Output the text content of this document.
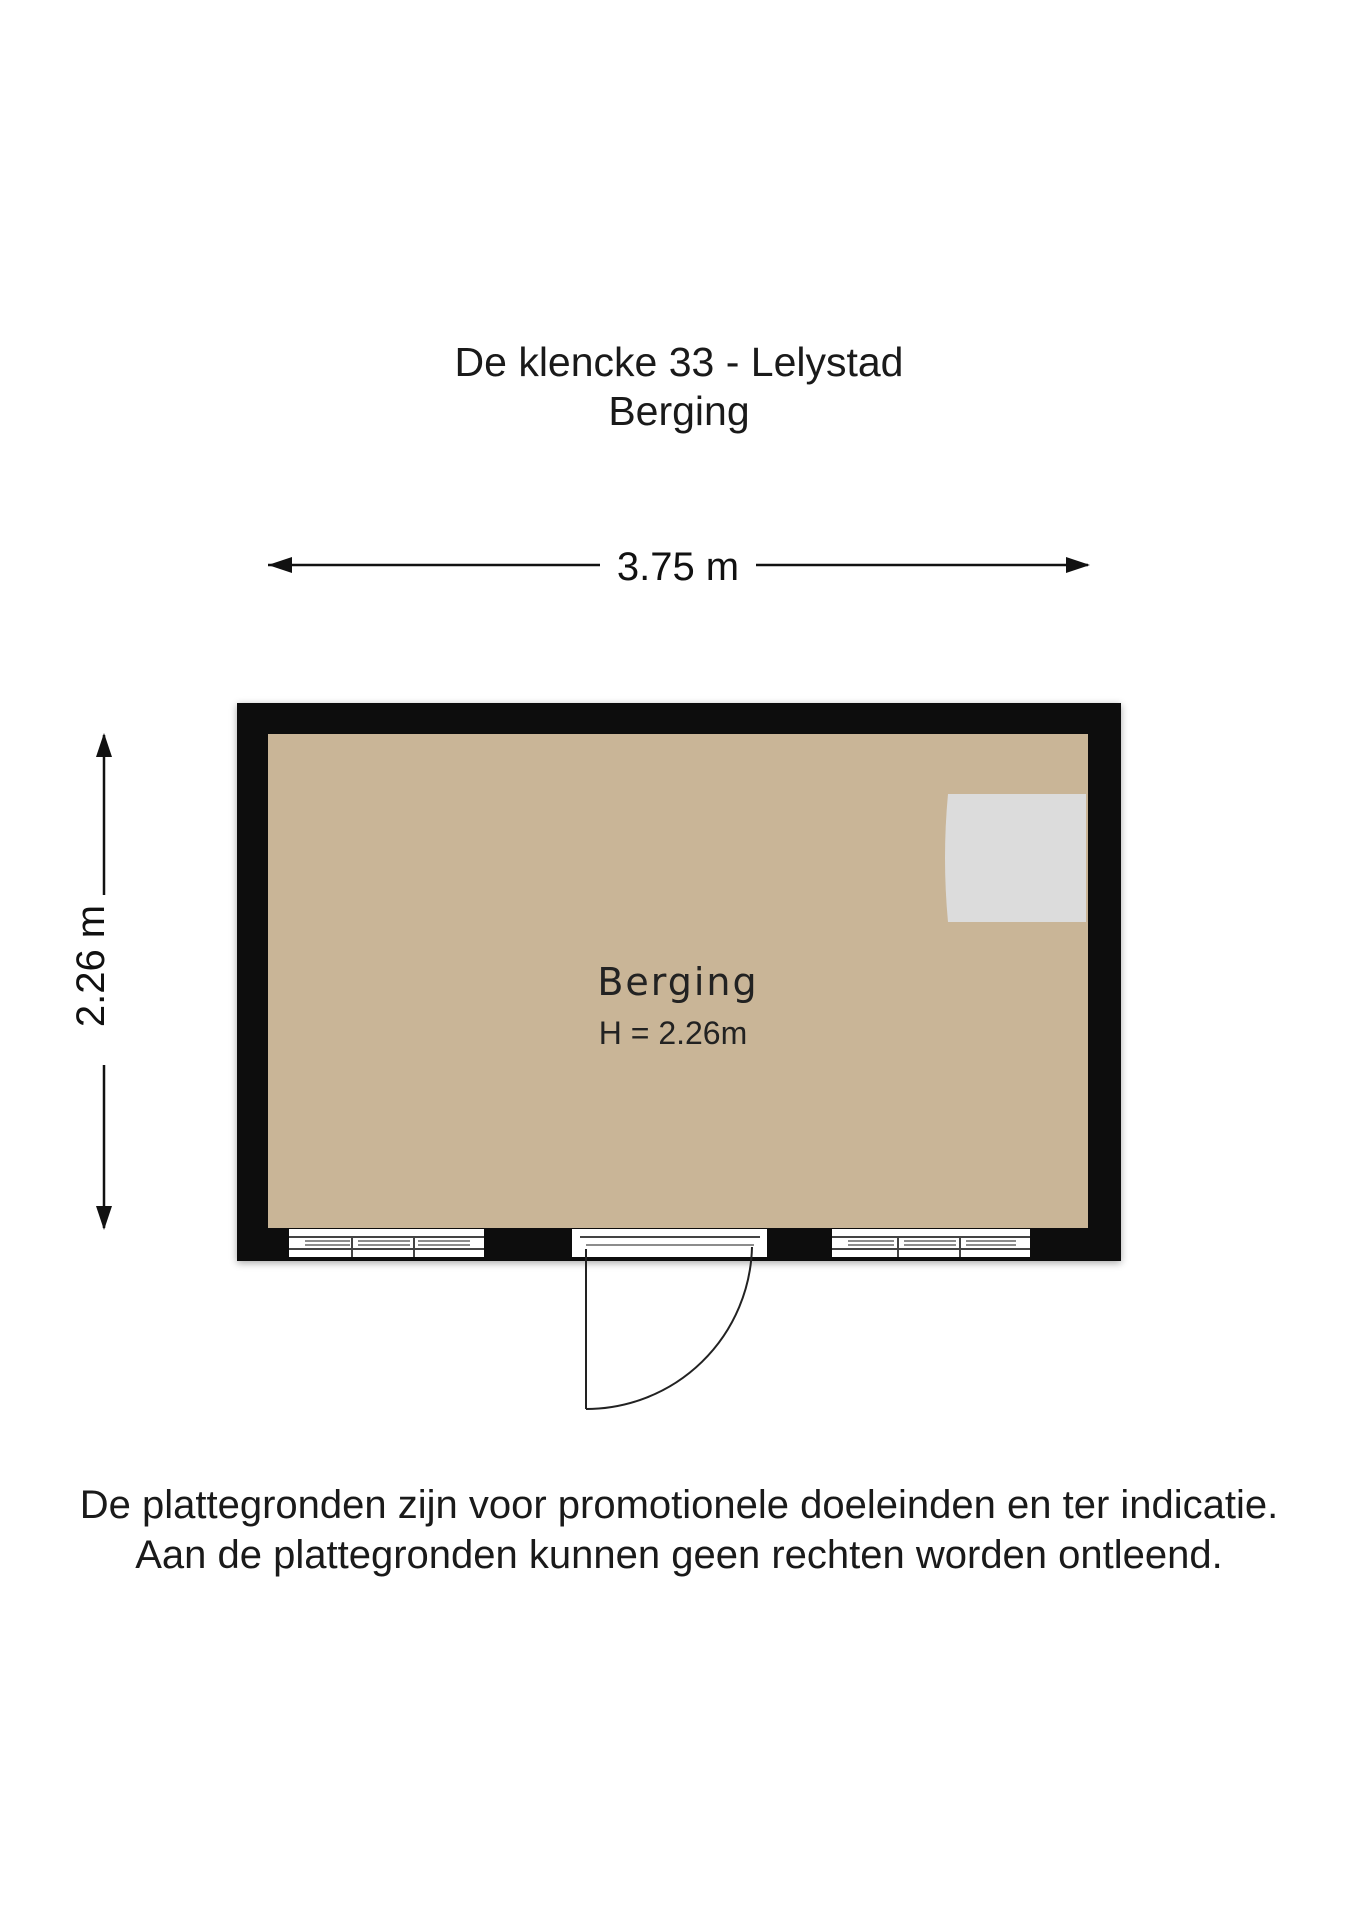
De klencke 33 - Lelystad
Berging
3.75 m
2.26 m	Berging
H = 2.26m
De plattegronden zijn voor promotionele doeleinden en ter indicatie.
Aan de plattegronden kunnen geen rechten worden ontleend.
